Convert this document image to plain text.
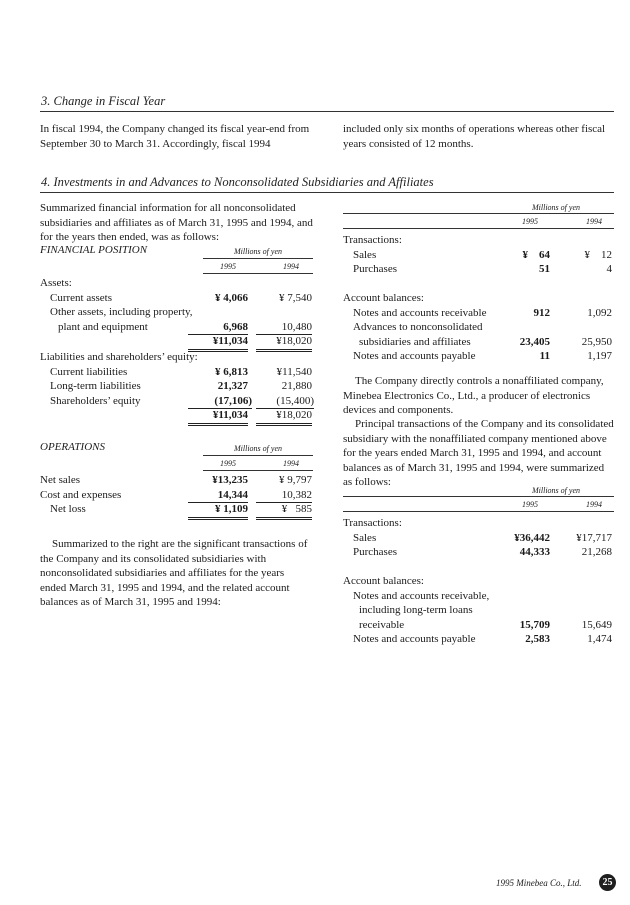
3. Change in Fiscal Year

In fiscal 1994, the Company changed its fiscal year-end from September 30 to March 31. Accordingly, fiscal 1994

included only six months of operations whereas other fiscal years consisted of 12 months.

4. Investments in and Advances to Nonconsolidated Subsidiaries and Affiliates

Summarized financial information for all nonconsolidated subsidiaries and affiliates as of March 31, 1995 and 1994, and for the years then ended, was as follows:

FINANCIAL POSITION	Millions of yen
1995	1994
Assets:
Current assets	¥ 4,066	¥ 7,540
Other assets, including property,
plant and equipment	6,968	10,480
¥11,034	¥18,020
Liabilities and shareholders’ equity:
Current liabilities	¥ 6,813	¥11,540
Long-term liabilities	21,327	21,880
Shareholders’ equity	(17,106)	(15,400)
¥11,034	¥18,020
OPERATIONS	Millions of yen
1995	1994
Net sales	¥13,235	¥ 9,797
Cost and expenses	14,344	10,382
Net loss	¥ 1,109	¥   585

Summarized to the right are the significant transactions of the Company and its consolidated subsidiaries with nonconsolidated subsidiaries and affiliates for the years ended March 31, 1995 and 1994, and the related account balances as of March 31, 1995 and 1994:

Millions of yen
1995	1994
Transactions:
Sales	¥    64	¥    12
Purchases	51	4
Account balances:
Notes and accounts receivable	912	1,092
Advances to nonconsolidated
subsidiaries and affiliates	23,405	25,950
Notes and accounts payable	11	1,197

The Company directly controls a nonaffiliated company, Minebea Electronics Co., Ltd., a producer of electronics devices and components.

Principal transactions of the Company and its consolidated subsidiary with the nonaffiliated company mentioned above for the years ended March 31, 1995 and 1994, and account balances as of March 31, 1995 and 1994, were summarized as follows:

Millions of yen
1995	1994
Transactions:
Sales	¥36,442 ¥17,717
Purchases	44,333	21,268
Account balances:
Notes and accounts receivable,
including long-term loans
receivable	15,709	15,649
Notes and accounts payable	2,583	1,474
1995 Minebea Co., Ltd.	25
